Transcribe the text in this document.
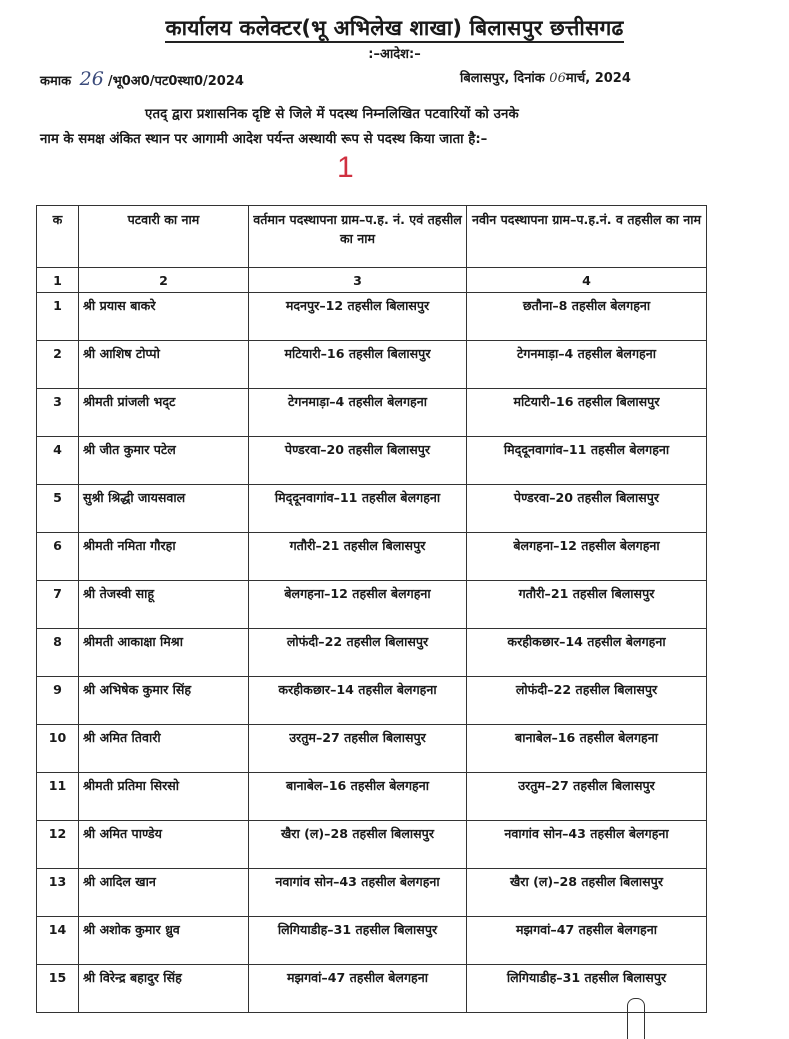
कार्यालय कलेक्टर(भू अभिलेख शाखा) बिलासपुर छत्तीसगढ
:–आदेश:–
कमाक 26 /भू0अ0/पट0स्था0/2024	बिलासपुर, दिनांक 06मार्च, 2024
एतद् द्वारा प्रशासनिक दृष्टि से जिले में पदस्थ निम्नलिखित पटवारियों को उनके
नाम के समक्ष अंकित स्थान पर आगामी आदेश पर्यन्त अस्थायी रूप से पदस्थ किया जाता है:–
1
क	पटवारी का नाम	वर्तमान पदस्थापना ग्राम–प.ह. नं. एवं तहसील का नाम	नवीन पदस्थापना ग्राम–प.ह.नं. व तहसील का नाम
1	2	3	4
1	श्री प्रयास बाकरे	मदनपुर–12 तहसील बिलासपुर	छतौना–8 तहसील बेलगहना
2	श्री आशिष टोप्पो	मटियारी–16 तहसील बिलासपुर	टेगनमाड़ा–4 तहसील बेलगहना
3	श्रीमती प्रांजली भद्‌ट	टेगनमाड़ा–4 तहसील बेलगहना	मटियारी–16 तहसील बिलासपुर
4	श्री जीत कुमार पटेल	पेण्डरवा–20 तहसील बिलासपुर	मिद्‌दूनवागांव–11 तहसील बेलगहना
5	सुश्री श्रिद्धी जायसवाल	मिद्‌दूनवागांव–11 तहसील बेलगहना	पेण्डरवा–20 तहसील बिलासपुर
6	श्रीमती नमिता गौरहा	गतौरी–21 तहसील बिलासपुर	बेलगहना–12 तहसील बेलगहना
7	श्री तेजस्वी साहू	बेलगहना–12 तहसील बेलगहना	गतौरी–21 तहसील बिलासपुर
8	श्रीमती आकाक्षा मिश्रा	लोफंदी–22 तहसील बिलासपुर	करहीकछार–14 तहसील बेलगहना
9	श्री अभिषेक कुमार सिंह	करहीकछार–14 तहसील बेलगहना	लोफंदी–22 तहसील बिलासपुर
10	श्री अमित तिवारी	उरतुम–27 तहसील बिलासपुर	बानाबेल–16 तहसील बेलगहना
11	श्रीमती प्रतिमा सिरसो	बानाबेल–16 तहसील बेलगहना	उरतुम–27 तहसील बिलासपुर
12	श्री अमित पाण्डेय	खैरा (ल)–28 तहसील बिलासपुर	नवागांव सोन–43 तहसील बेलगहना
13	श्री आदिल खान	नवागांव सोन–43 तहसील बेलगहना	खैरा (ल)–28 तहसील बिलासपुर
14	श्री अशोक कुमार ध्रुव	लिगियाडीह–31 तहसील बिलासपुर	मझगवां–47 तहसील बेलगहना
15	श्री विरेन्द्र बहादुर सिंह	मझगवां–47 तहसील बेलगहना	लिगियाडीह–31 तहसील बिलासपुर
